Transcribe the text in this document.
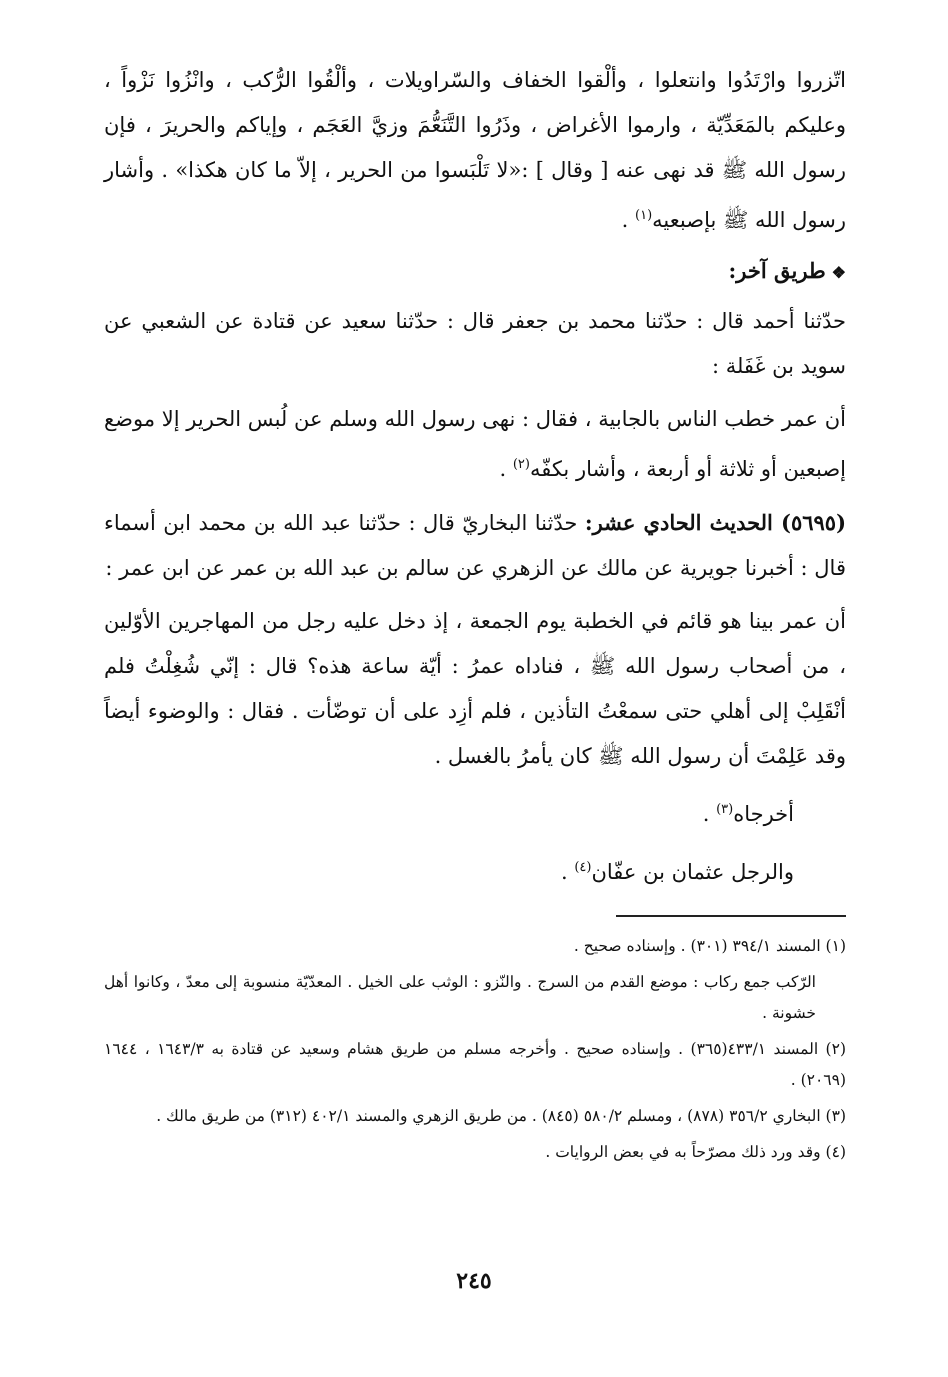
اتّزروا وارْتَدُوا وانتعلوا ، وألْقوا الخفاف والسّراويلات ، وألْقُوا الرُّكب ، وانْزُوا نَزْواً ، وعليكم بالمَعَدِّيّة ، وارموا الأغراض ، وذَرُوا التَّنَعُّمَ وزيَّ العَجَم ، وإياكم والحريرَ ، فإن رسول الله ﷺ قد نهى عنه [ وقال ] :«لا تَلْبَسوا من الحرير ، إلاّ ما كان هكذا» . وأشار رسول الله ﷺ بإصبعيه$^{(١)}$ .

❖طريق آخر:

حدّثنا أحمد قال : حدّثنا محمد بن جعفر قال : حدّثنا سعيد عن قتادة عن الشعبي عن سويد بن غَفَلة :

أن عمر خطب الناس بالجابية ، فقال : نهى رسول الله وسلم عن لُبس الحرير إلا موضع إصبعين أو ثلاثة أو أربعة ، وأشار بكفّه$^{(٢)}$ .

(٥٦٩٥) الحديث الحادي عشر: حدّثنا البخاريّ قال : حدّثنا عبد الله بن محمد ابن أسماء قال : أخبرنا جويرية عن مالك عن الزهري عن سالم بن عبد الله بن عمر عن ابن عمر :

أن عمر بينا هو قائم في الخطبة يوم الجمعة ، إذ دخل عليه رجل من المهاجرين الأوّلين ، من أصحاب رسول الله ﷺ ، فناداه عمرُ : أيّة ساعة هذه؟ قال : إنّي شُغِلْتُ فلم أنْقَلِبْ إلى أهلي حتى سمعْتُ التأذين ، فلم أزِد على أن توضّأت . فقال : والوضوء أيضاً وقد عَلِمْتَ أن رسول الله ﷺ كان يأمرُ بالغسل .

أخرجاه$^{(٣)}$ .

والرجل عثمان بن عفّان$^{(٤)}$ .

(١) المسند ٣٩٤/١ (٣٠١) . وإسناده صحيح .

الرّكب جمع ركاب : موضع القدم من السرج . والنّزو : الوثب على الخيل . المعدّيّة منسوبة إلى معدّ ، وكانوا أهل خشونة .

(٢) المسند ٤٣٣/١(٣٦٥) . وإسناده صحيح . وأخرجه مسلم من طريق هشام وسعيد عن قتادة به ١٦٤٣/٣ ، ١٦٤٤ (٢٠٦٩) .

(٣) البخاري ٣٥٦/٢ (٨٧٨) ، ومسلم ٥٨٠/٢ (٨٤٥) . من طريق الزهري والمسند ٤٠٢/١ (٣١٢) من طريق مالك .

(٤) وقد ورد ذلك مصرّحاً به في بعض الروايات .

٢٤٥
